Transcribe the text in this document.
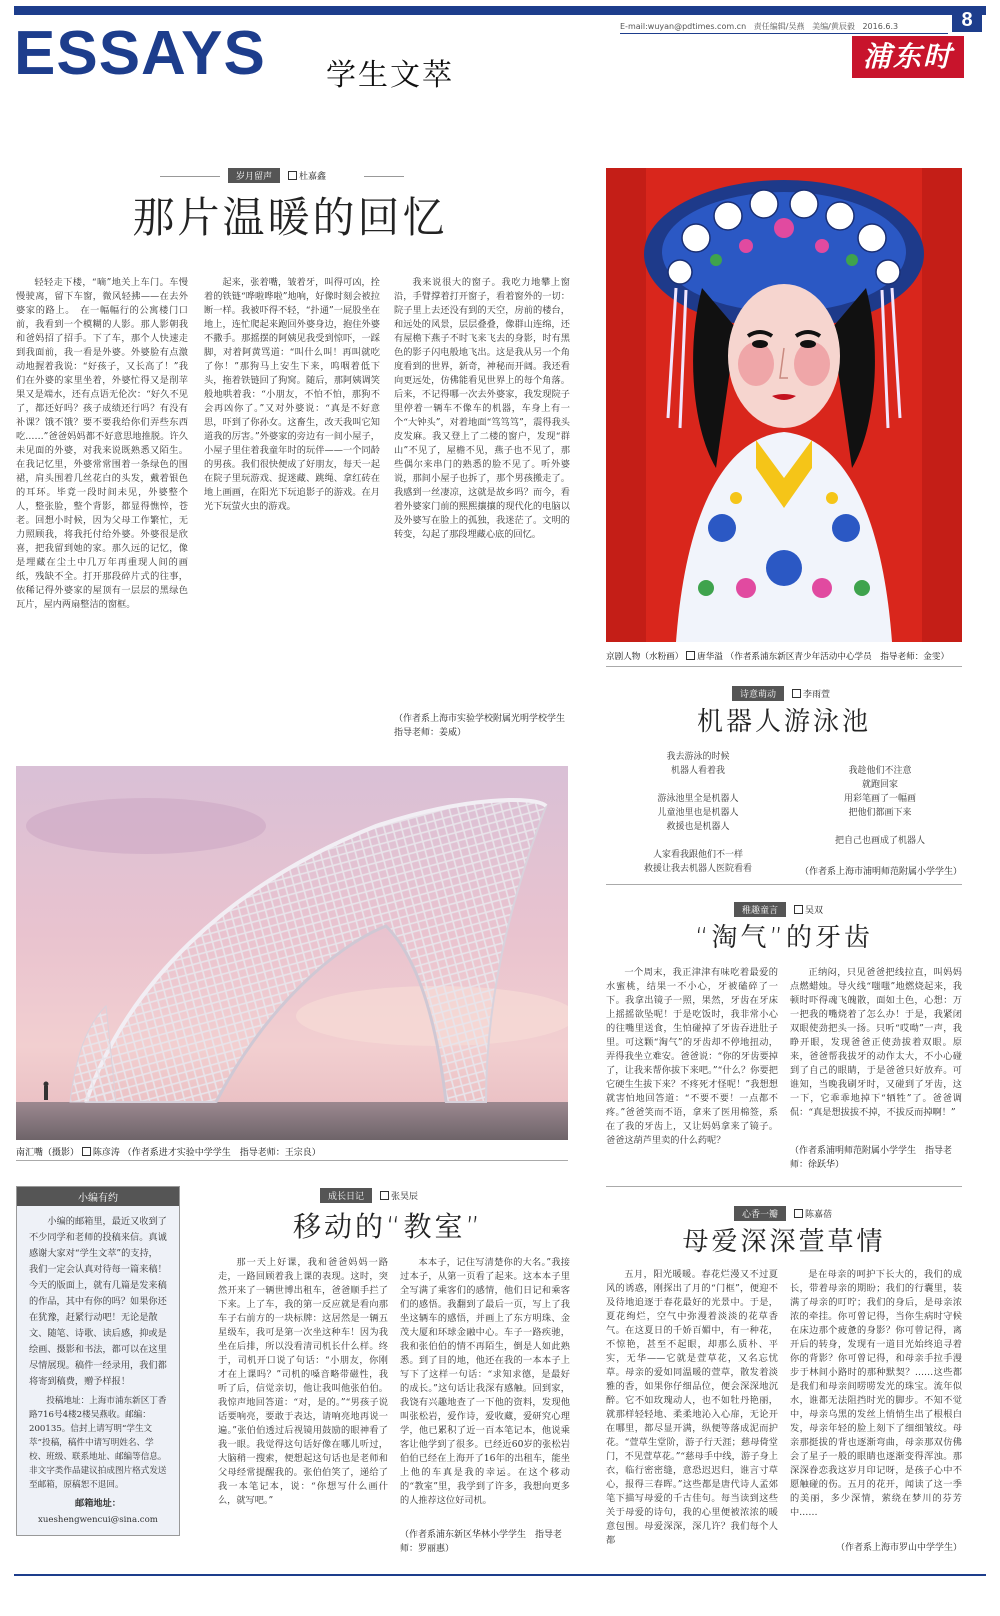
ESSAYS 学生文萃
E-mail:wuyan@pdtimes.com.cn 责任编辑/吴燕 美编/黄辰毅 2016.6.3	8
浦东时报
岁月留声	杜嘉鑫
那片温暖的回忆

轻轻走下楼，“嘀”地关上车门。车慢慢驶离，留下车窗，微风轻拂——在去外婆家的路上。　在一幅幅行的公寓楼门口前，我看到一个模糊的人影。那人影朝我和爸妈招了招手。下了车，那个人快速走到我面前，我一看是外婆。外婆脸有点激动地握着我说：“好孩子，又长高了！”我们在外婆的家里坐着，外婆忙得又是削苹果又是端水，还有点语无伦次：“好久不见了，都还好吗？孩子成绩还行吗？有没有补课？饿不饿？要不要我给你们弄些东西吃……”爸爸妈妈都不好意思地推脱。许久未见面的外婆，对我来说既熟悉又陌生。在我记忆里，外婆常常围着一条绿色的围裙，肩头围着几丝花白的头发，戴着银色的耳环。毕竟一段时间未见，外婆整个人，整张脸，整个背影，都显得憔悴，苍老。回想小时候，因为父母工作繁忙，无力照顾我，将我托付给外婆。外婆很是欣喜，把我留到她的家。那久远的记忆，像是埋藏在尘土中几万年再重现人间的画纸，残缺不全。打开那段碎片式的往事，依稀记得外婆家的屋顶有一层层的黑绿色瓦片，屋内两扇整洁的窗框。

起来，张着嘴，皱着牙，叫得可凶，拴着的铁链“哗啦哗啦”地响，好像时刻会被拉断一样。我被吓得不轻，“扑通”一屁股坐在地上，连忙爬起来跑回外婆身边，抱住外婆不撒手。那摇摆的阿姨见我受到惊吓，一踩脚，对着阿黄骂道：“叫什么叫！再叫就吃了你！”那狗马上安生下来，呜咽着低下头，拖着铁链回了狗窝。随后，那阿姨调笑般地哄着我：“小朋友，不怕不怕，那狗不会再凶你了。”又对外婆说：“真是不好意思，吓到了你孙女。这畜生，改天我叫它知道我的厉害。”外婆家的旁边有一间小屋子，小屋子里住着我童年时的玩伴——一个同龄的男孩。我们很快便成了好朋友，每天一起在院子里玩游戏、捉迷藏、跳绳、拿红砖在地上画画，在阳光下玩追影子的游戏。在月光下玩萤火虫的游戏。

我来说很大的窗子。我吃力地攀上窗沿，手臂撑着打开窗子，看着窗外的一切：院子里上去还没有到的天空，房前的楼台，和远处的风景，层层叠叠，像群山连绵，还有屋檐下燕子不时飞来飞去的身影，时有黑色的影子闪电般地飞出。这是我从另一个角度看到的世界，新奇，神秘而开阔。我还看向更远处，仿佛能看见世界上的每个角落。后来，不记得哪一次去外婆家，我发现院子里停着一辆车不像车的机器，车身上有一个“大钟头”，对着地面“笃笃笃”，震得我头皮发麻。我又登上了二楼的窗户，发现“群山”不见了，屋檐不见，燕子也不见了，那些偶尔来串门的熟悉的脸不见了。听外婆说，那间小屋子也拆了，那个男孩搬走了。我感到一丝凄凉，这就是故乡吗？而今，看着外婆家门前的熙熙攘攘的现代化的电脑以及外婆写在脸上的孤独，我迷茫了。文明的转变，勾起了那段埋藏心底的回忆。

（作者系上海市实验学校附属光明学校学生　指导老师：姜威）
南汇嘴（摄影） 陈彦涛 （作者系进才实验中学学生　指导老师：王宗良）
京剧人物（水粉画） 唐华溢 （作者系浦东新区青少年活动中心学员　指导老师：金雯）
诗意萌动	李雨萱
机器人游泳池
我去游泳的时候
机器人看着我
游泳池里全是机器人
儿童池里也是机器人
救援也是机器人
人家看我跟他们不一样
救援让我去机器人医院看看
我趁他们不注意
就跑回家
用彩笔画了一幅画
把他们都画下来
把自己也画成了机器人
（作者系上海市浦明师范附属小学学生）
稚趣童言	吴双
“淘气”的牙齿

一个周末，我正津津有味吃着最爱的水蜜桃，结果一不小心，牙被磕碎了一下。我拿出镜子一照，果然，牙齿在牙床上摇摇欲坠呢！于是吃饭时，我非常小心的往嘴里送食，生怕碰掉了牙齿吞进肚子里。可这颗“淘气”的牙齿却不停地扭动，弄得我坐立难安。爸爸说：“你的牙齿要掉了，让我来帮你拔下来吧。”“什么？你要把它硬生生拔下来？不疼死才怪呢！”我想想就害怕地回答道：“不要不要！一点都不疼。”爸爸笑而不语，拿来了医用棉签，系在了我的牙齿上，又让妈妈拿来了镜子。爸爸这葫芦里卖的什么药呢？

正纳闷，只见爸爸把线拉直，叫妈妈点燃蜡烛。导火线“嗤嗤”地燃烧起来，我顿时吓得魂飞魄散，面如土色，心想：万一把我的嘴烧着了怎么办！于是，我紧闭双眼使劲把头一扬。只听“哎呦”一声，我睁开眼，发现爸爸正使劲拔着双眼。原来，爸爸帮我拔牙的动作太大，不小心碰到了自己的眼睛，于是爸爸只好放弃。可谁知，当晚我刷牙时，又碰到了牙齿，这一下，它乖乖地掉下“牺牲”了。爸爸调侃：“真是想拔拔不掉，不拔反而掉啊！”

（作者系浦明师范附属小学学生　指导老师：徐跃华）
小编有约

小编的邮箱里，最近又收到了不少同学和老师的投稿来信。真诚感谢大家对“学生文萃”的支持，我们一定会认真对待每一篇来稿！今天的版面上，就有几篇是发来稿的作品，其中有你的吗？如果你还在犹豫，赶紧行动吧！无论是散文、随笔、诗歌、读后感，抑或是绘画、摄影和书法，都可以在这里尽情展现。稿件一经录用，我们都将寄到稿费，赠予样报！

投稿地址：上海市浦东新区丁香路716号4楼2楼吴燕收。邮编：200135。信封上请写明“学生文萃”投稿，稿件中请写明姓名、学校、班级、联系地址、邮编等信息。非文字类作品建议拍成图片格式发送至邮箱，原稿恕不退回。

邮箱地址：

xueshengwencui@sina.com

成长日记	张昊辰
移动的“教室”

那一天上好课，我和爸爸妈妈一路走，一路回顾着我上课的表现。这时，突然开来了一辆世博出租车，爸爸顺手拦了下来。上了车，我的第一反应就是看向那车子右前方的一块标牌：这居然是一辆五星级车，我可是第一次坐这种车！因为我坐在后排，所以没看清司机长什么样。终于，司机开口说了句话：“小朋友，你刚才在上课吗？”司机的嗓音略带磁性，我听了后，信觉亲切，他让我叫他张伯伯。我惊声地回答道：“对，是的。”“男孩子说话要响亮，要敢于表达，请响亮地再说一遍。”张伯伯透过后视镜用鼓励的眼神看了我一眼。我觉得这句话好像在哪儿听过，大脑稍一搜索，便想起这句话也是老师和父母经常提醒我的。张伯伯笑了，递给了我一本笔记本，说：“你想写什么画什么，就写吧。”

本本子，记住写清楚你的大名。”我接过本子，从第一页看了起来。这本本子里全写满了乘客们的感情，他们日记和乘客们的感悟。我翻到了最后一页，写上了我坐这辆车的感悟，并画上了东方明珠、金茂大厦和环球金融中心。车子一路疾驰，我和张伯伯的情不再陌生，倒是人如此熟悉。到了目的地，他还在我的一本本子上写下了这样一句话：“求知求德，是最好的成长。”这句话让我深有感触。回到家，我饶有兴趣地查了一下他的资料，发现他叫张松岩，爱作诗，爱收藏，爱研究心理学，他已累积了近一百本笔记本，他说乘客让他学到了很多。已经近60岁的张松岩伯伯已经在上海开了16年的出租车，能坐上他的车真是我的幸运。在这个移动的“教室”里，我学到了许多，我想向更多的人推荐这位好司机。

（作者系浦东新区华林小学学生　指导老师：罗丽惠）
心香一瓣	陈嘉蓓
母爱深深萱草情

五月，阳光暖暖。春花烂漫又不过夏风的诱惑，刚探出了月的“门框”，便迎不及待地追逐于春花最好的光景中。于是，夏花绚烂，空气中弥漫着淡淡的花草香气。在这夏日的千娇百媚中，有一种花，不惊艳，甚至不起眼，却那么质朴、平实，无华——它就是萱草花，又名忘忧草。母亲的爱如同温暖的萱草，散发着淡雅的香，如果你仔细品位，便会深深地沉醉。它不如玫瑰动人，也不如牡丹艳丽，就那样轻轻地、柔柔地沁入心扉，无论开在哪里，都尽显开满，纵便等落成泥而护花。“萱草生堂阶，游子行天涯；慈母倚堂门，不见萱草花。”“慈母手中线，游子身上衣，临行密密缝，意恐迟迟归，谁言寸草心，报得三春晖。”这些都是唐代诗人孟郊笔下描写母爱的千古佳句。每当读到这些关于母爱的诗句，我的心里便被浓浓的暖意包围。母爱深深，深几许？我们每个人都

是在母亲的呵护下长大的，我们的成长，带着母亲的期盼；我们的行囊里，装满了母亲的叮咛；我们的身后，是母亲浓浓的牵挂。你可曾记得，当你生病时守候在床边那个疲惫的身影？你可曾记得，离开后的转身，发现有一道目光始终追寻着你的背影？你可曾记得，和母亲手拉手漫步于林间小路时的那种默契？……这些都是我们和母亲间唠唠发光的珠宝。流年似水，谁都无法阻挡时光的脚步。不知不觉中，母亲乌黑的发丝上悄悄生出了根根白发，母亲年轻的脸上刻下了细细皱纹。母亲那挺拔的背也逐渐弯曲，母亲那双仿佛会了星子一般的眼睛也逐渐变得浑浊。那深深眷恋我这岁月印记呀，是孩子心中不愿触碰的伤。五月的花开，闻读了这一季的美丽，多少深情，萦绕在梦川的芬芳中……

（作者系上海市罗山中学学生）
